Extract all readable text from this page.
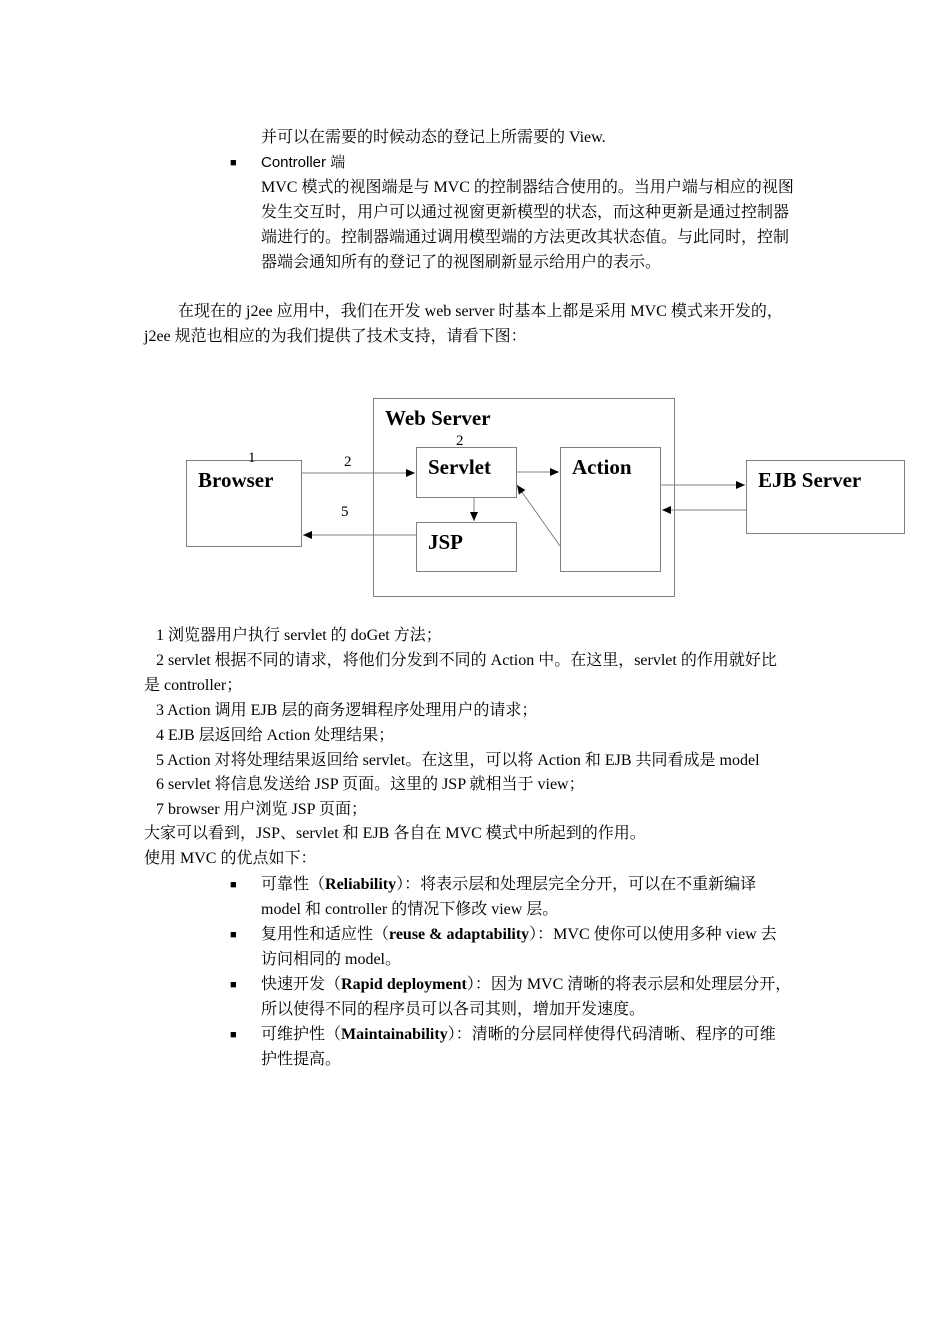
并可以在需要的时候动态的登记上所需要的 View.
■ Controller 端
MVC 模式的视图端是与 MVC 的控制器结合使用的。当用户端与相应的视图
发生交互时，用户可以通过视窗更新模型的状态，而这种更新是通过控制器
端进行的。控制器端通过调用模型端的方法更改其状态值。与此同时，控制
器端会通知所有的登记了的视图刷新显示给用户的表示。
在现在的 j2ee 应用中，我们在开发 web server 时基本上都是采用 MVC 模式来开发的，
j2ee 规范也相应的为我们提供了技术支持，请看下图：
Web Server
Browser
Servlet	Action
JSP
EJB Server
1	2
2
5
1 浏览器用户执行 servlet 的 doGet 方法；
2 servlet 根据不同的请求，将他们分发到不同的 Action 中。在这里，servlet 的作用就好比
是 controller；
3 Action 调用 EJB 层的商务逻辑程序处理用户的请求；
4 EJB 层返回给 Action 处理结果；
5 Action 对将处理结果返回给 servlet。在这里，可以将 Action 和 EJB 共同看成是 model
6 servlet 将信息发送给 JSP 页面。这里的 JSP 就相当于 view；
7 browser 用户浏览 JSP 页面；
大家可以看到，JSP、servlet 和 EJB 各自在 MVC 模式中所起到的作用。
使用 MVC 的优点如下：
■ 可靠性（Reliability）：将表示层和处理层完全分开，可以在不重新编译
model 和 controller 的情况下修改 view 层。
■ 复用性和适应性（reuse & adaptability）：MVC 使你可以使用多种 view 去
访问相同的 model。
■ 快速开发（Rapid deployment）：因为 MVC 清晰的将表示层和处理层分开，
所以使得不同的程序员可以各司其则，增加开发速度。
■ 可维护性（Maintainability）：清晰的分层同样使得代码清晰、程序的可维
护性提高。
